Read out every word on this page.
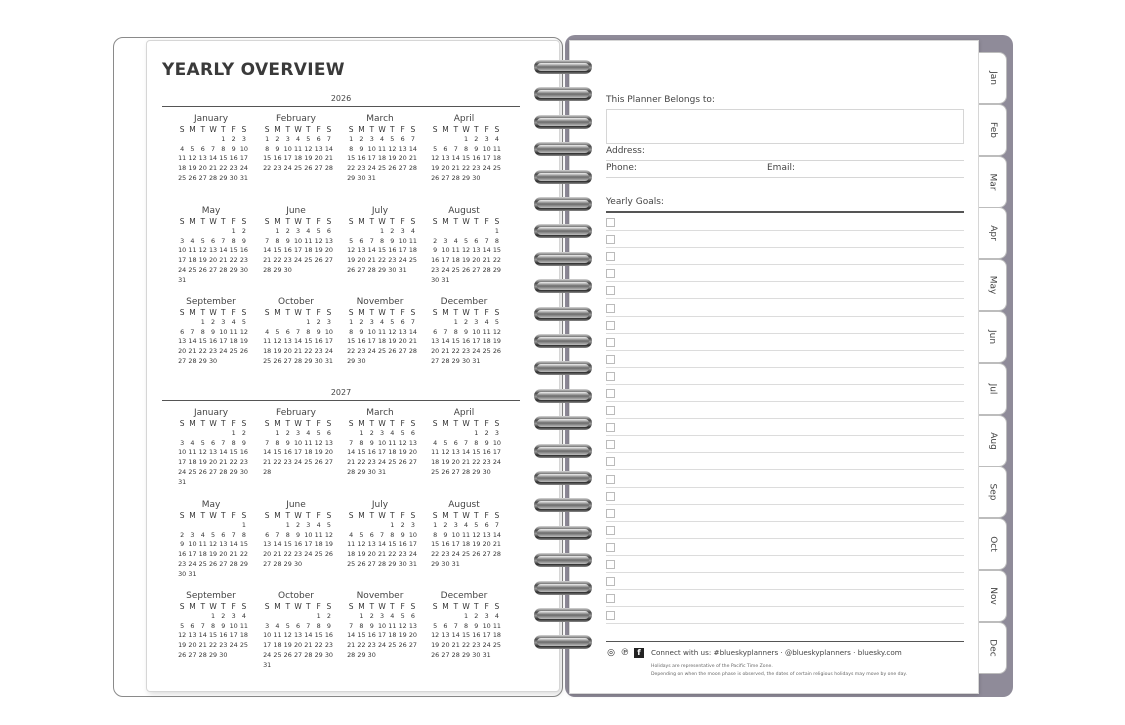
Jan
Feb
Mar
Apr
May
Jun
Jul
Aug
Sep
Oct
Nov
Dec
YEARLY OVERVIEW
2026
January
S M T W T F S
1 2 3
4 5 6 7 8 9 10
11 12 13 14 15 16 17
18 19 20 21 22 23 24
25 26 27 28 29 30 31
February
S M T W T F S
1 2 3 4 5 6 7
8 9 10 11 12 13 14
15 16 17 18 19 20 21
22 23 24 25 26 27 28
March
S M T W T F S
1 2 3 4 5 6 7
8 9 10 11 12 13 14
15 16 17 18 19 20 21
22 23 24 25 26 27 28
29 30 31
April
S M T W T F S
1 2 3 4
5 6 7 8 9 10 11
12 13 14 15 16 17 18
19 20 21 22 23 24 25
26 27 28 29 30
May
S M T W T F S
1 2
3 4 5 6 7 8 9
10 11 12 13 14 15 16
17 18 19 20 21 22 23
24 25 26 27 28 29 30
31
June
S M T W T F S
1 2 3 4 5 6
7 8 9 10 11 12 13
14 15 16 17 18 19 20
21 22 23 24 25 26 27
28 29 30
July
S M T W T F S
1 2 3 4
5 6 7 8 9 10 11
12 13 14 15 16 17 18
19 20 21 22 23 24 25
26 27 28 29 30 31
August
S M T W T F S
1
2 3 4 5 6 7 8
9 10 11 12 13 14 15
16 17 18 19 20 21 22
23 24 25 26 27 28 29
30 31
September
S M T W T F S
1 2 3 4 5
6 7 8 9 10 11 12
13 14 15 16 17 18 19
20 21 22 23 24 25 26
27 28 29 30
October
S M T W T F S
1 2 3
4 5 6 7 8 9 10
11 12 13 14 15 16 17
18 19 20 21 22 23 24
25 26 27 28 29 30 31
November
S M T W T F S
1 2 3 4 5 6 7
8 9 10 11 12 13 14
15 16 17 18 19 20 21
22 23 24 25 26 27 28
29 30
December
S M T W T F S
1 2 3 4 5
6 7 8 9 10 11 12
13 14 15 16 17 18 19
20 21 22 23 24 25 26
27 28 29 30 31
2027
January
S M T W T F S
1 2
3 4 5 6 7 8 9
10 11 12 13 14 15 16
17 18 19 20 21 22 23
24 25 26 27 28 29 30
31
February
S M T W T F S
1 2 3 4 5 6
7 8 9 10 11 12 13
14 15 16 17 18 19 20
21 22 23 24 25 26 27
28
March
S M T W T F S
1 2 3 4 5 6
7 8 9 10 11 12 13
14 15 16 17 18 19 20
21 22 23 24 25 26 27
28 29 30 31
April
S M T W T F S
1 2 3
4 5 6 7 8 9 10
11 12 13 14 15 16 17
18 19 20 21 22 23 24
25 26 27 28 29 30
May
S M T W T F S
1
2 3 4 5 6 7 8
9 10 11 12 13 14 15
16 17 18 19 20 21 22
23 24 25 26 27 28 29
30 31
June
S M T W T F S
1 2 3 4 5
6 7 8 9 10 11 12
13 14 15 16 17 18 19
20 21 22 23 24 25 26
27 28 29 30
July
S M T W T F S
1 2 3
4 5 6 7 8 9 10
11 12 13 14 15 16 17
18 19 20 21 22 23 24
25 26 27 28 29 30 31
August
S M T W T F S
1 2 3 4 5 6 7
8 9 10 11 12 13 14
15 16 17 18 19 20 21
22 23 24 25 26 27 28
29 30 31
September
S M T W T F S
1 2 3 4
5 6 7 8 9 10 11
12 13 14 15 16 17 18
19 20 21 22 23 24 25
26 27 28 29 30
October
S M T W T F S
1 2
3 4 5 6 7 8 9
10 11 12 13 14 15 16
17 18 19 20 21 22 23
24 25 26 27 28 29 30
31
November
S M T W T F S
1 2 3 4 5 6
7 8 9 10 11 12 13
14 15 16 17 18 19 20
21 22 23 24 25 26 27
28 29 30
December
S M T W T F S
1 2 3 4
5 6 7 8 9 10 11
12 13 14 15 16 17 18
19 20 21 22 23 24 25
26 27 28 29 30 31
This Planner Belongs to:
Address:
Phone:	Email:
Yearly Goals:
◎ ℗ f	Connect with us: #blueskyplanners · @blueskyplanners · bluesky.com
Holidays are representative of the Pacific Time Zone.
Depending on when the moon phase is observed, the dates of certain religious holidays may move by one day.
